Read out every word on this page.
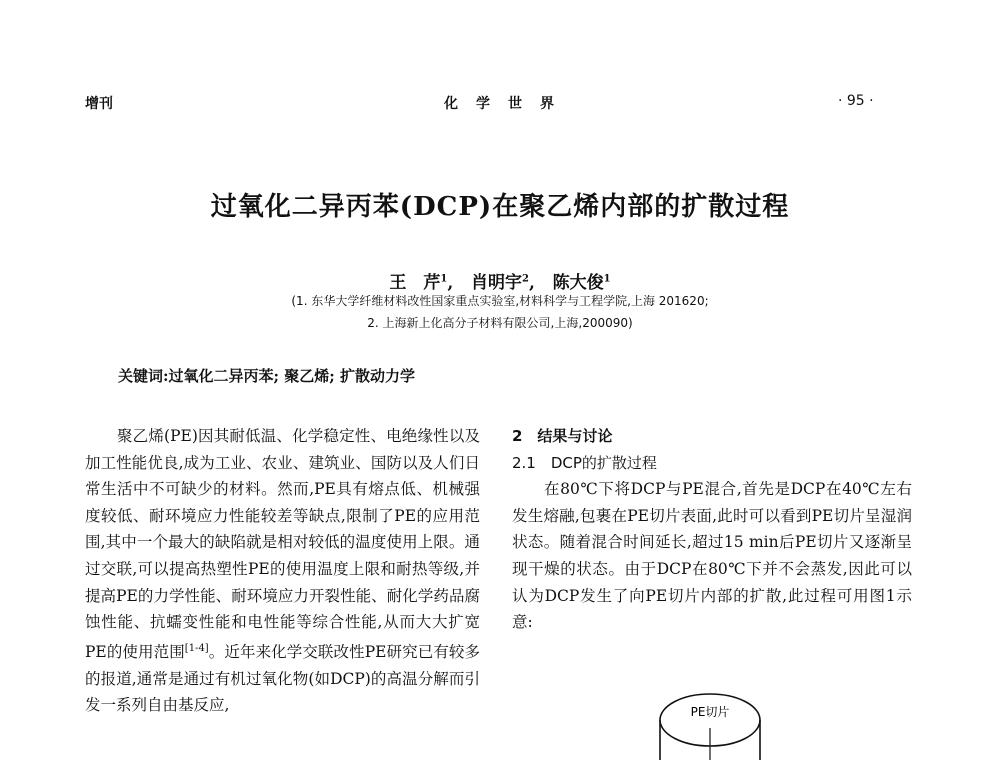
增刊	化　学　世　界	· 95 ·
过氧化二异丙苯(DCP)在聚乙烯内部的扩散过程
王　芹$^1$,   肖明宇$^2$,   陈大俊$^1$
(1. 东华大学纤维材料改性国家重点实验室,材料科学与工程学院,上海 201620;
2. 上海新上化高分子材料有限公司,上海,200090)
关键词:过氧化二异丙苯; 聚乙烯; 扩散动力学

聚乙烯(PE)因其耐低温、化学稳定性、电绝缘性以及加工性能优良,成为工业、农业、建筑业、国防以及人们日常生活中不可缺少的材料。然而,PE具有熔点低、机械强度较低、耐环境应力性能较差等缺点,限制了PE的应用范围,其中一个最大的缺陷就是相对较低的温度使用上限。通过交联,可以提高热塑性PE的使用温度上限和耐热等级,并提高PE的力学性能、耐环境应力开裂性能、耐化学药品腐蚀性能、抗蠕变性能和电性能等综合性能,从而大大扩宽PE的使用范围[1-4]。近年来化学交联改性PE研究已有较多的报道,通常是通过有机过氧化物(如DCP)的高温分解而引发一系列自由基反应,

2　结果与讨论
2.1　DCP的扩散过程

在80℃下将DCP与PE混合,首先是DCP在40℃左右发生熔融,包裹在PE切片表面,此时可以看到PE切片呈湿润状态。随着混合时间延长,超过15 min后PE切片又逐渐呈现干燥的状态。由于DCP在80℃下并不会蒸发,因此可以认为DCP发生了向PE切片内部的扩散,此过程可用图1示意:

PE切片
